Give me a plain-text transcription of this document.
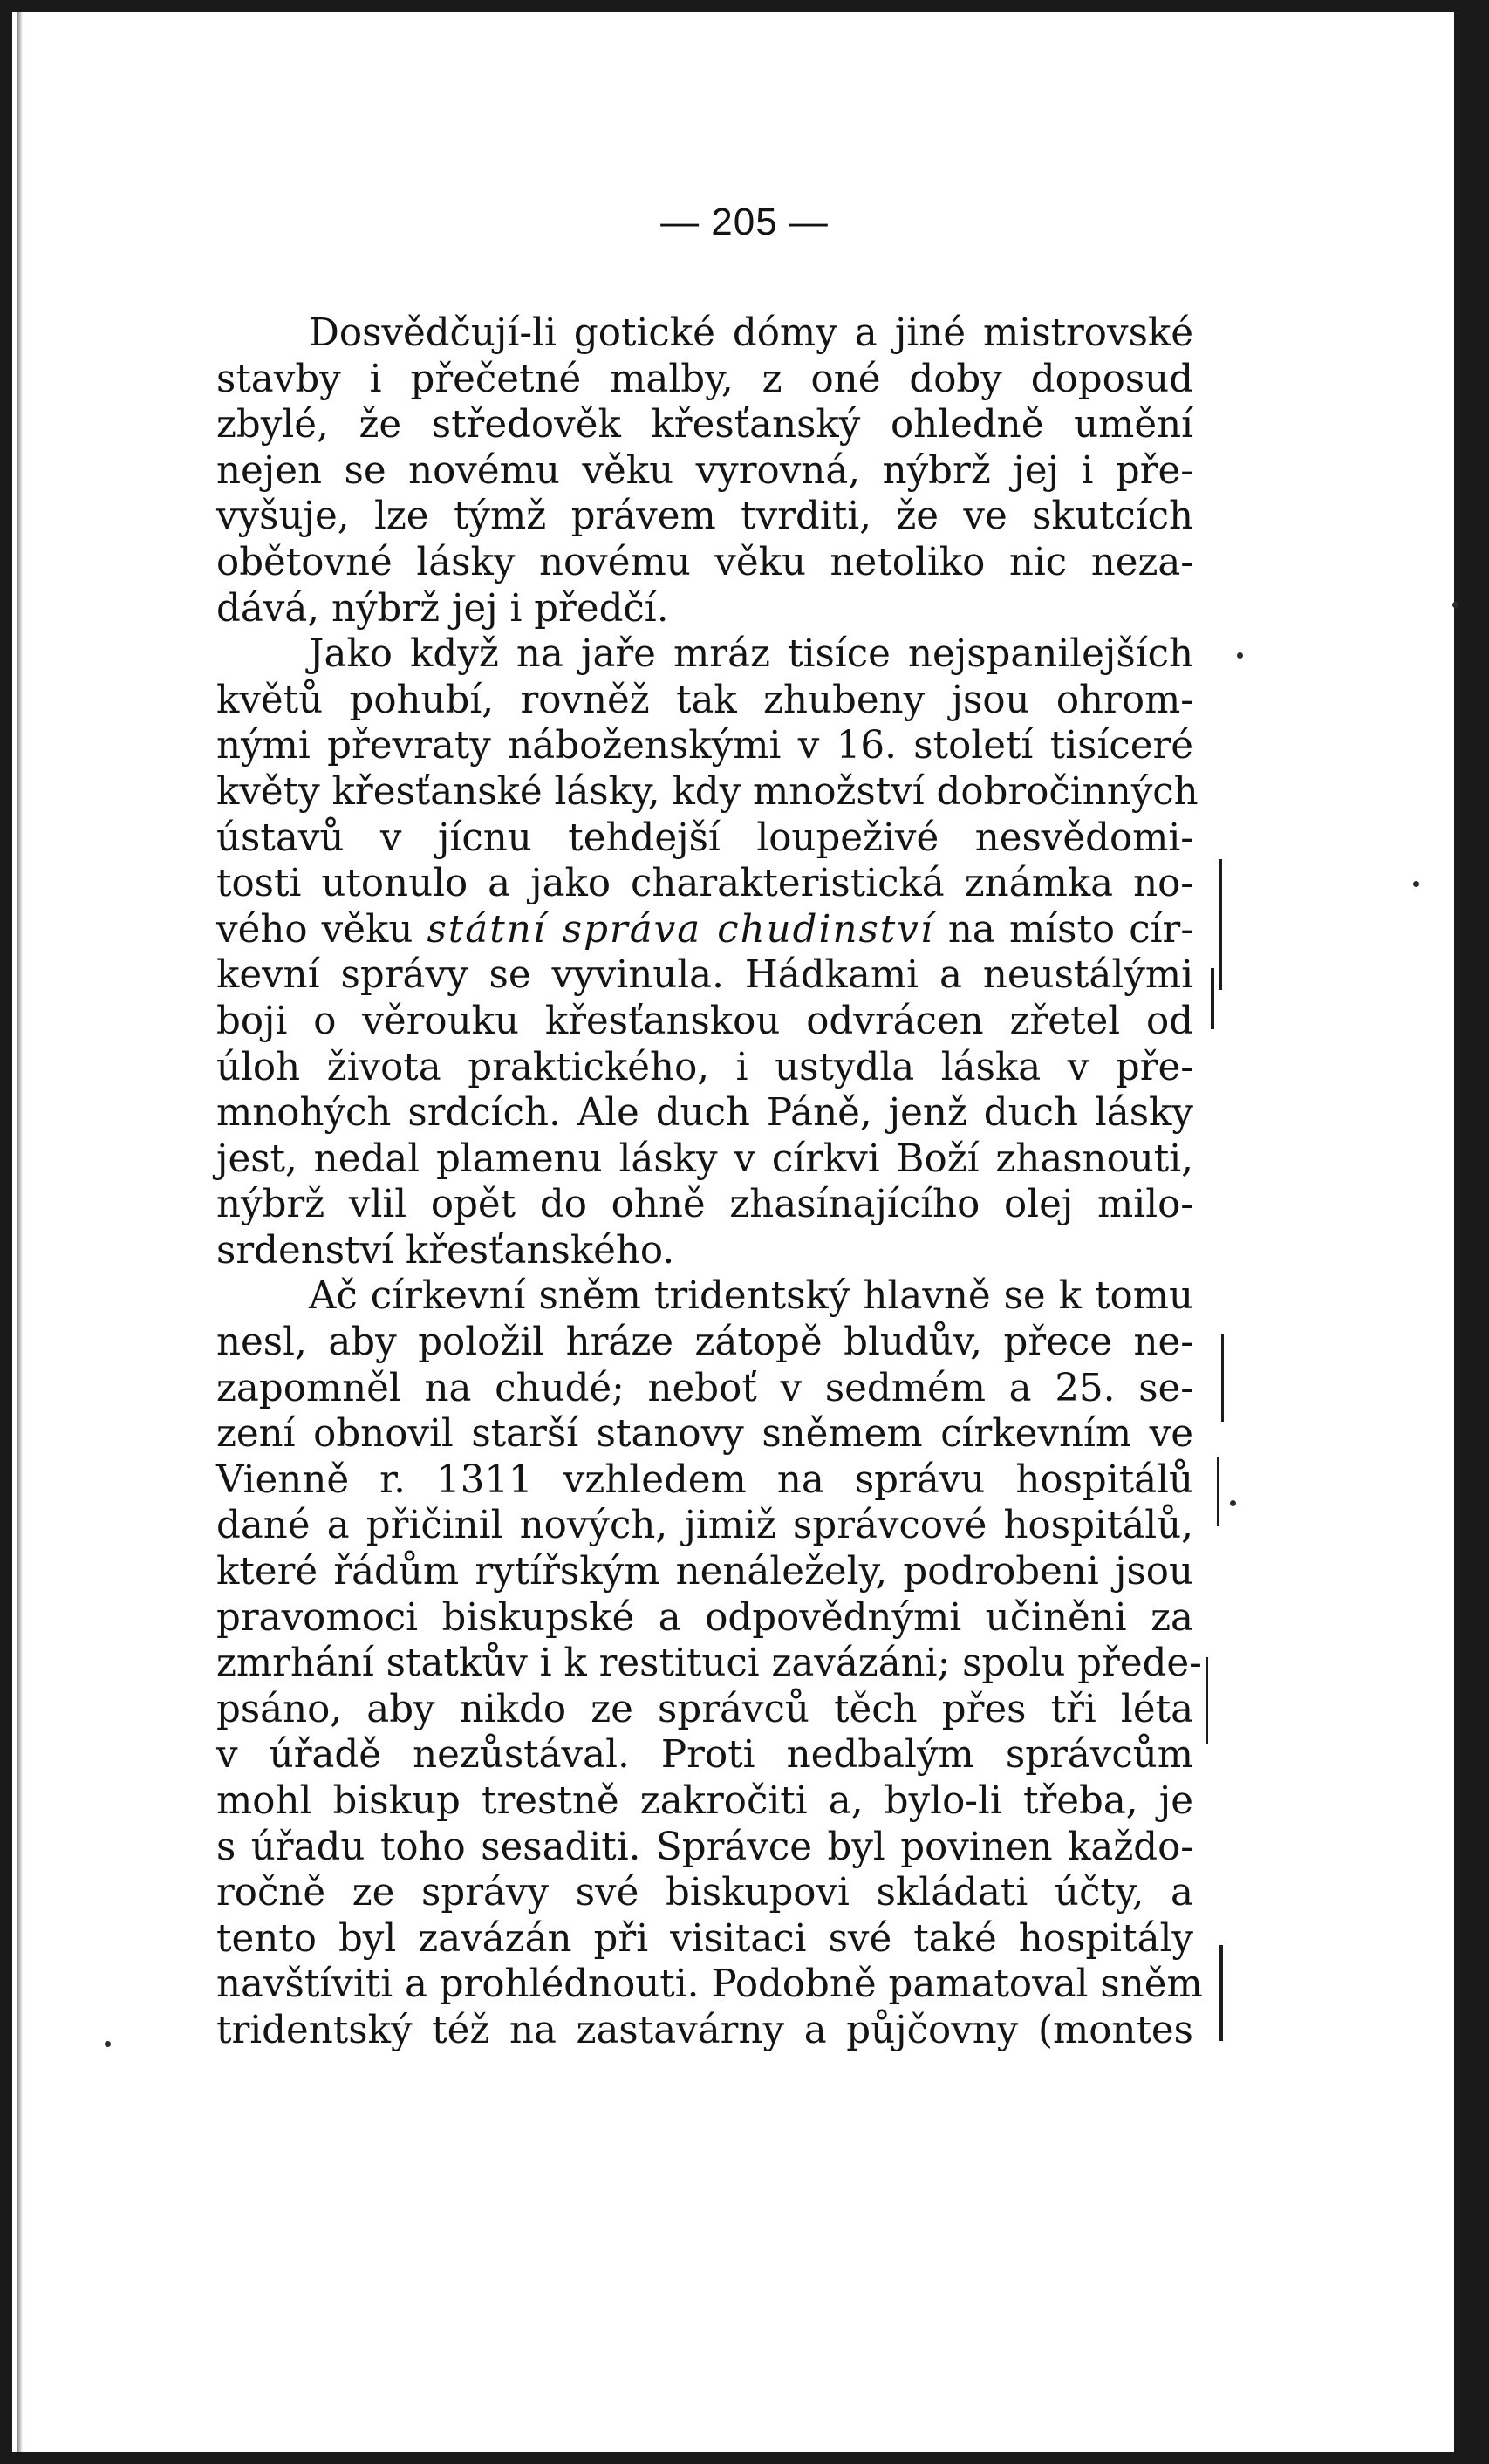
— 205 —
Dosvědčují-li gotické dómy a jiné mistrovské
stavby i přečetné malby, z oné doby doposud
zbylé, že středověk křesťanský ohledně umění
nejen se novému věku vyrovná, nýbrž jej i pře-
vyšuje, lze týmž právem tvrditi, že ve skutcích
obětovné lásky novému věku netoliko nic neza-
dává, nýbrž jej i předčí.
Jako když na jaře mráz tisíce nejspanilejších
květů pohubí, rovněž tak zhubeny jsou ohrom-
nými převraty náboženskými v 16. století tisíceré
květy křesťanské lásky, kdy množství dobročinných
ústavů v jícnu tehdejší loupeživé nesvědomi-
tosti utonulo a jako charakteristická známka no-
vého věku státní správa chudinství na místo cír-
kevní správy se vyvinula. Hádkami a neustálými
boji o věrouku křesťanskou odvrácen zřetel od
úloh života praktického, i ustydla láska v pře-
mnohých srdcích. Ale duch Páně, jenž duch lásky
jest, nedal plamenu lásky v církvi Boží zhasnouti,
nýbrž vlil opět do ohně zhasínajícího olej milo-
srdenství křesťanského.
Ač církevní sněm tridentský hlavně se k tomu
nesl, aby položil hráze zátopě bludův, přece ne-
zapomněl na chudé; neboť v sedmém a 25. se-
zení obnovil starší stanovy sněmem církevním ve
Vienně r. 1311 vzhledem na správu hospitálů
dané a přičinil nových, jimiž správcové hospitálů,
které řádům rytířským nenáležely, podrobeni jsou
pravomoci biskupské a odpovědnými učiněni za
zmrhání statkův i k restituci zavázáni; spolu přede-
psáno, aby nikdo ze správců těch přes tři léta
v úřadě nezůstával. Proti nedbalým správcům
mohl biskup trestně zakročiti a, bylo-li třeba, je
s úřadu toho sesaditi. Správce byl povinen každo-
ročně ze správy své biskupovi skládati účty, a
tento byl zavázán při visitaci své také hospitály
navštíviti a prohlédnouti. Podobně pamatoval sněm
tridentský též na zastavárny a půjčovny (montes
